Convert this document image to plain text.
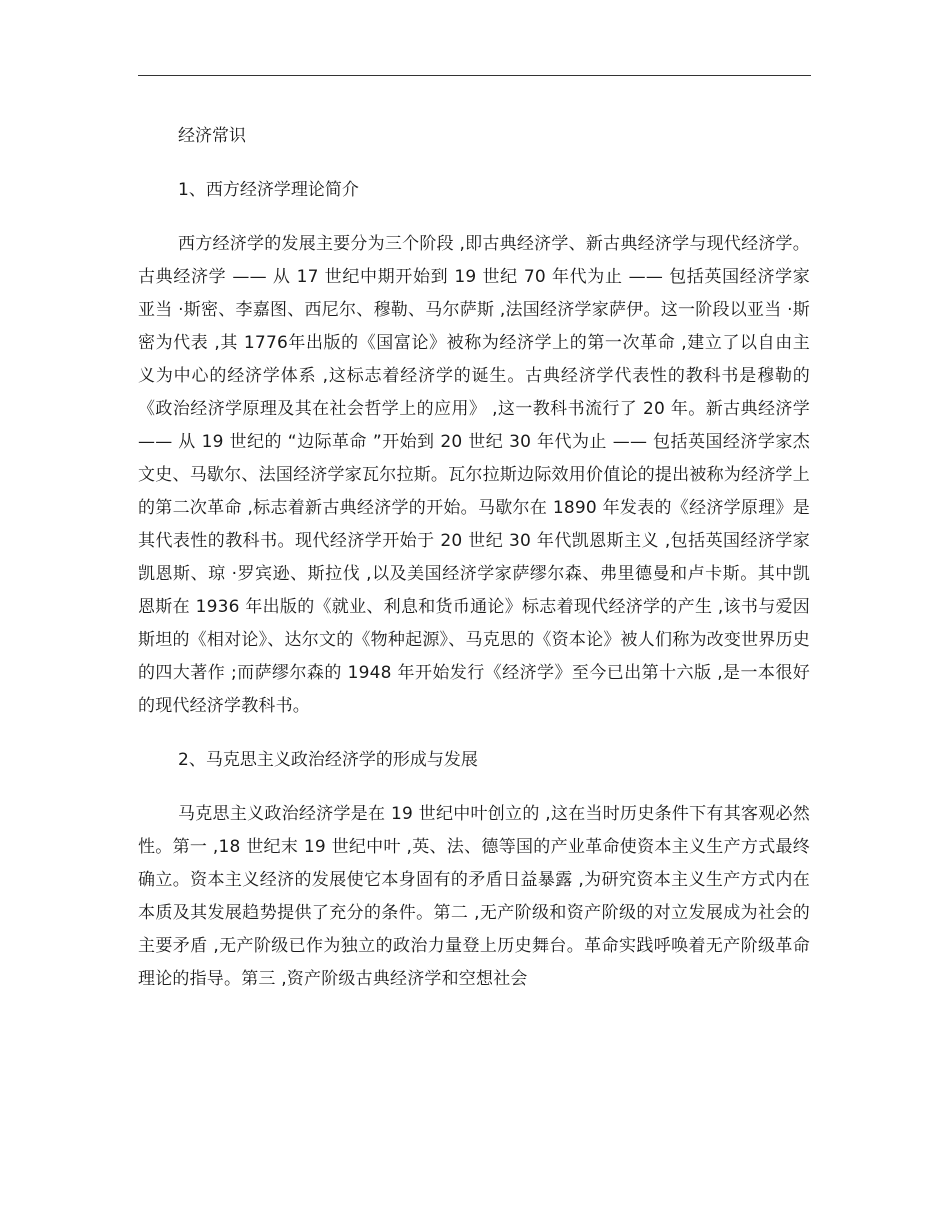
经济常识

1、西方经济学理论简介

西方经济学的发展主要分为三个阶段 ,即古典经济学、新古典经济学与现代经济学。古典经济学 —— 从 17 世纪中期开始到 19 世纪 70 年代为止 —— 包括英国经济学家亚当 ·斯密、李嘉图、西尼尔、穆勒、马尔萨斯 ,法国经济学家萨伊。这一阶段以亚当 ·斯密为代表 ,其 1776年出版的《国富论》被称为经济学上的第一次革命 ,建立了以自由主义为中心的经济学体系 ,这标志着经济学的诞生。古典经济学代表性的教科书是穆勒的《政治经济学原理及其在社会哲学上的应用》 ,这一教科书流行了 20 年。新古典经济学 —— 从 19 世纪的 “边际革命 ”开始到 20 世纪 30 年代为止 —— 包括英国经济学家杰文史、马歇尔、法国经济学家瓦尔拉斯。瓦尔拉斯边际效用价值论的提出被称为经济学上的第二次革命 ,标志着新古典经济学的开始。马歇尔在 1890 年发表的《经济学原理》是其代表性的教科书。现代经济学开始于 20 世纪 30 年代凯恩斯主义 ,包括英国经济学家凯恩斯、琼 ·罗宾逊、斯拉伐 ,以及美国经济学家萨缪尔森、弗里德曼和卢卡斯。其中凯恩斯在 1936 年出版的《就业、利息和货币通论》标志着现代经济学的产生 ,该书与爱因斯坦的《相对论》、达尔文的《物种起源》、马克思的《资本论》被人们称为改变世界历史的四大著作 ;而萨缪尔森的 1948 年开始发行《经济学》至今已出第十六版 ,是一本很好的现代经济学教科书。

2、马克思主义政治经济学的形成与发展

马克思主义政治经济学是在 19 世纪中叶创立的 ,这在当时历史条件下有其客观必然性。第一 ,18 世纪末 19 世纪中叶 ,英、法、德等国的产业革命使资本主义生产方式最终确立。资本主义经济的发展使它本身固有的矛盾日益暴露 ,为研究资本主义生产方式内在本质及其发展趋势提供了充分的条件。第二 ,无产阶级和资产阶级的对立发展成为社会的主要矛盾 ,无产阶级已作为独立的政治力量登上历史舞台。革命实践呼唤着无产阶级革命理论的指导。第三 ,资产阶级古典经济学和空想社会
